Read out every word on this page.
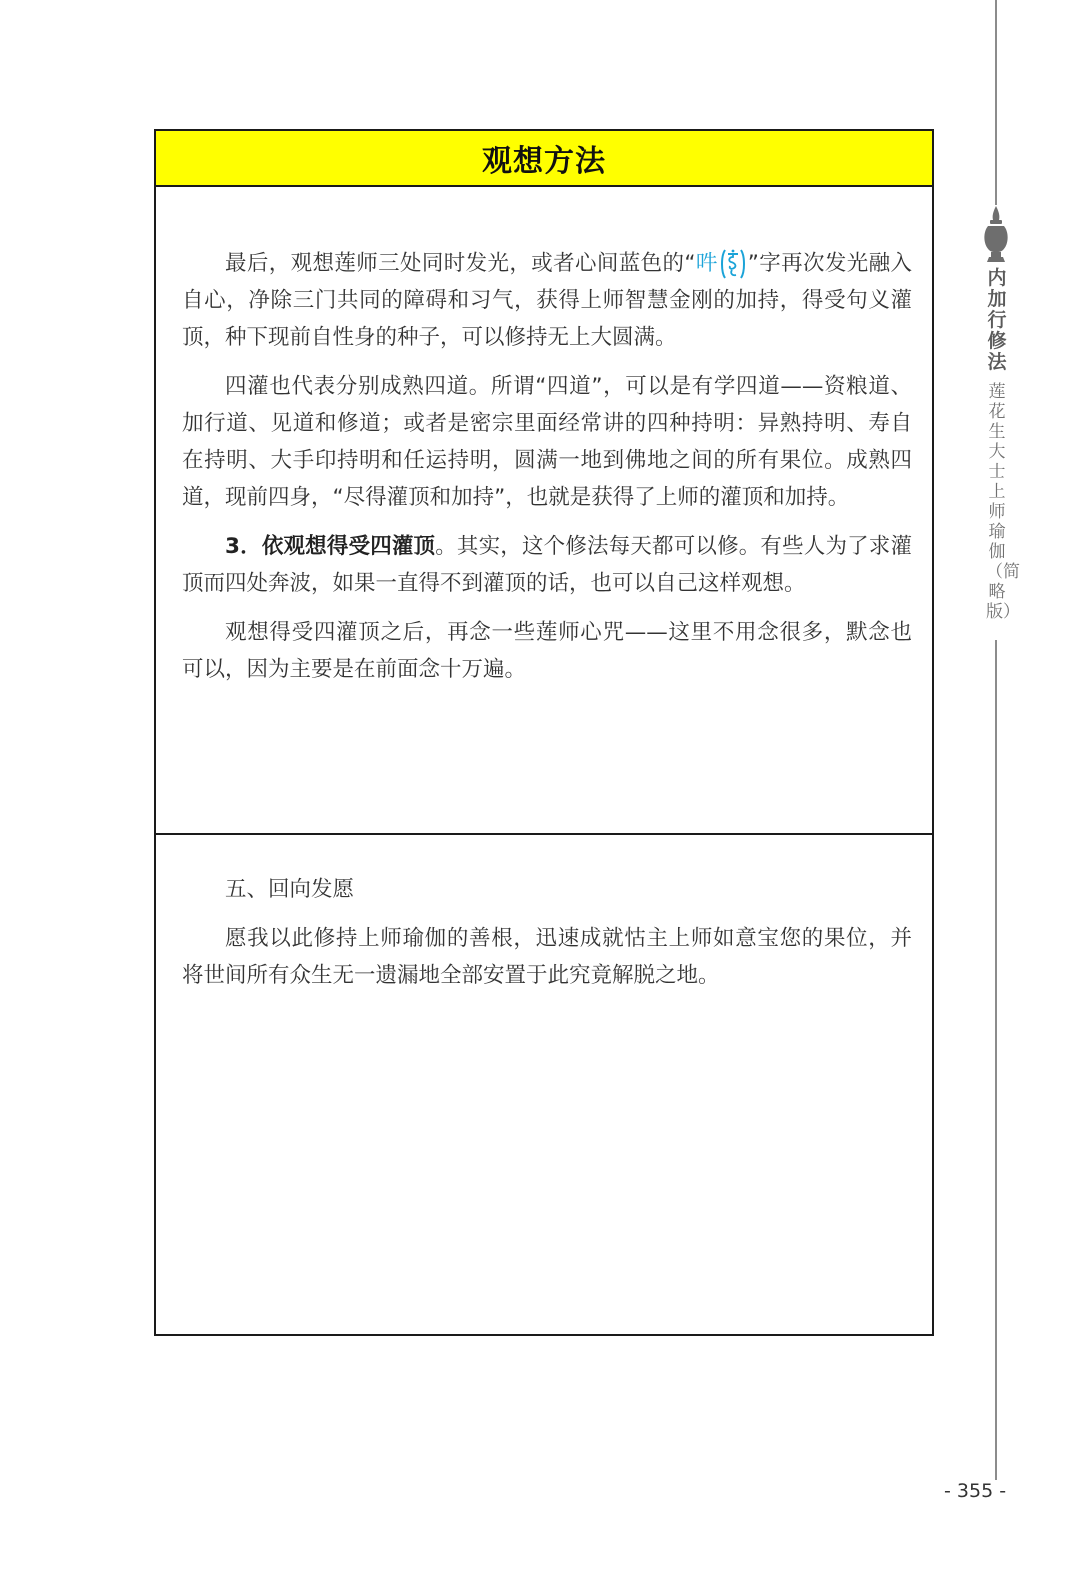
内加行修法
莲花生大士上师瑜伽（简略版）
观想方法

最后，观想莲师三处同时发光，或者心间蓝色的“吽 ”字再次发光融入自心，净除三门共同的障碍和习气，获得上师智慧金刚的加持，得受句义灌顶，种下现前自性身的种子，可以修持无上大圆满。

四灌也代表分别成熟四道。所谓“四道”，可以是有学四道——资粮道、加行道、见道和修道；或者是密宗里面经常讲的四种持明：异熟持明、寿自在持明、大手印持明和任运持明，圆满一地到佛地之间的所有果位。成熟四道，现前四身，“尽得灌顶和加持”，也就是获得了上师的灌顶和加持。

3．依观想得受四灌顶。其实，这个修法每天都可以修。有些人为了求灌顶而四处奔波，如果一直得不到灌顶的话，也可以自己这样观想。

观想得受四灌顶之后，再念一些莲师心咒——这里不用念很多，默念也可以，因为主要是在前面念十万遍。

五、回向发愿

愿我以此修持上师瑜伽的善根，迅速成就怙主上师如意宝您的果位，并将世间所有众生无一遗漏地全部安置于此究竟解脱之地。

- 355 -
